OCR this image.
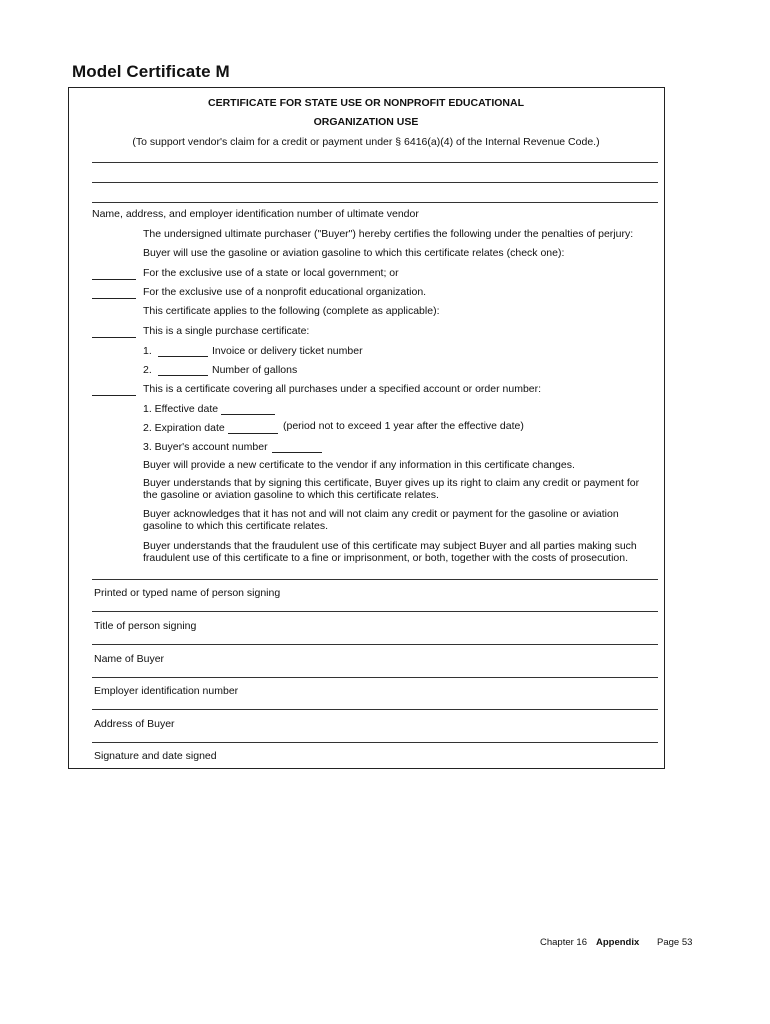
Model Certificate M
CERTIFICATE FOR STATE USE OR NONPROFIT EDUCATIONAL
ORGANIZATION USE
(To support vendor's claim for a credit or payment under § 6416(a)(4) of the Internal Revenue Code.)
Name, address, and employer identification number of ultimate vendor
The undersigned ultimate purchaser ("Buyer") hereby certifies the following under the penalties of perjury:
Buyer will use the gasoline or aviation gasoline to which this certificate relates (check one):
For the exclusive use of a state or local government; or
For the exclusive use of a nonprofit educational organization.
This certificate applies to the following (complete as applicable):
This is a single purchase certificate:
1.	Invoice or delivery ticket number
2.	Number of gallons
This is a certificate covering all purchases under a specified account or order number:
1. Effective date
2. Expiration date	(period not to exceed 1 year after the effective date)
3. Buyer's account number
Buyer will provide a new certificate to the vendor if any information in this certificate changes.
Buyer understands that by signing this certificate, Buyer gives up its right to claim any credit or payment for
the gasoline or aviation gasoline to which this certificate relates.
Buyer acknowledges that it has not and will not claim any credit or payment for the gasoline or aviation
gasoline to which this certificate relates.
Buyer understands that the fraudulent use of this certificate may subject Buyer and all parties making such
fraudulent use of this certificate to a fine or imprisonment, or both, together with the costs of prosecution.
Printed or typed name of person signing
Title of person signing
Name of Buyer
Employer identification number
Address of Buyer
Signature and date signed
Chapter 16 Appendix Page 53
